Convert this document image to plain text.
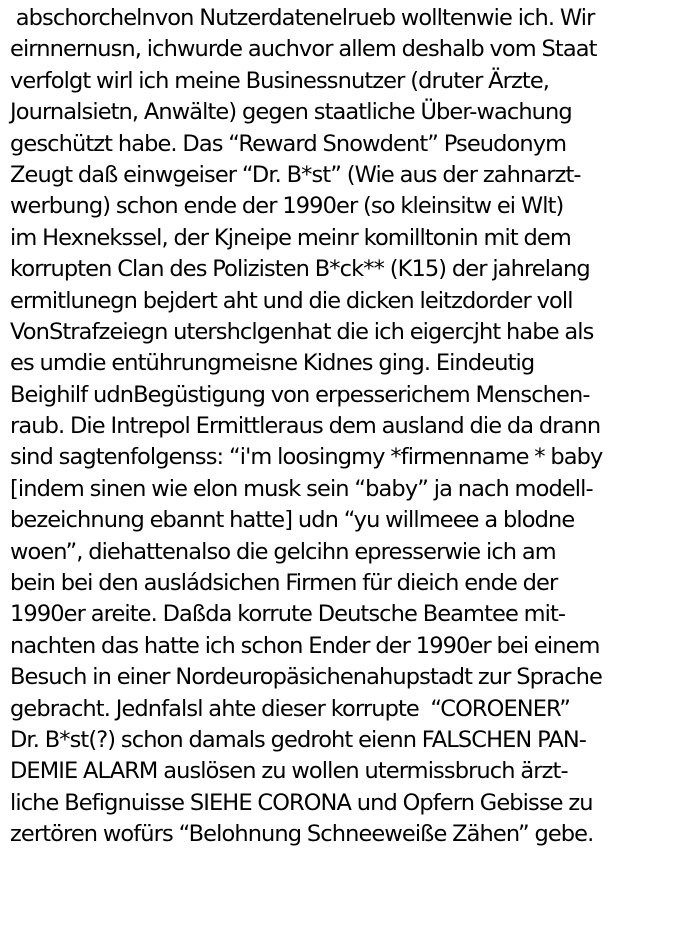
abschorchelnvon Nutzerdatenelrueb wolltenwie ich. Wir
eirnnernusn, ichwurde auchvor allem deshalb vom Staat
verfolgt wirl ich meine Businessnutzer (druter Ärzte,
Journalsietn, Anwälte) gegen staatliche Über-wachung
geschützt habe. Das “Reward Snowdent” Pseudonym
Zeugt daß einwgeiser “Dr. B*st” (Wie aus der zahnarzt-
werbung) schon ende der 1990er (so kleinsitw ei Wlt)
im Hexnekssel, der Kjneipe meinr komilltonin mit dem
korrupten Clan des Polizisten B*ck** (K15) der jahrelang
ermitlunegn bejdert aht und die dicken leitzdorder voll
VonStrafzeiegn utershclgenhat die ich eigercjht habe als
es umdie entührungmeisne Kidnes ging. Eindeutig
Beighilf udnBegüstigung von erpesserichem Menschen-
raub. Die Intrepol Ermittleraus dem ausland die da drann
sind sagtenfolgenss: “i'm loosingmy *firmenname * baby
[indem sinen wie elon musk sein “baby” ja nach modell-
bezeichnung ebannt hatte] udn “yu willmeee a blodne
woen”, diehattenalso die gelcihn epresserwie ich am
bein bei den ausládsichen Firmen für dieich ende der
1990er areite. Daßda korrute Deutsche Beamtee mit-
nachten das hatte ich schon Ender der 1990er bei einem
Besuch in einer Nordeuropäsichenahupstadt zur Sprache
gebracht. Jednfalsl ahte dieser korrupte  “COROENER”
Dr. B*st(?) schon damals gedroht eienn FALSCHEN PAN-
DEMIE ALARM auslösen zu wollen utermissbruch ärzt-
liche Befignuisse SIEHE CORONA und Opfern Gebisse zu
zertören wofürs “Belohnung Schneeweiße Zähen” gebe.
